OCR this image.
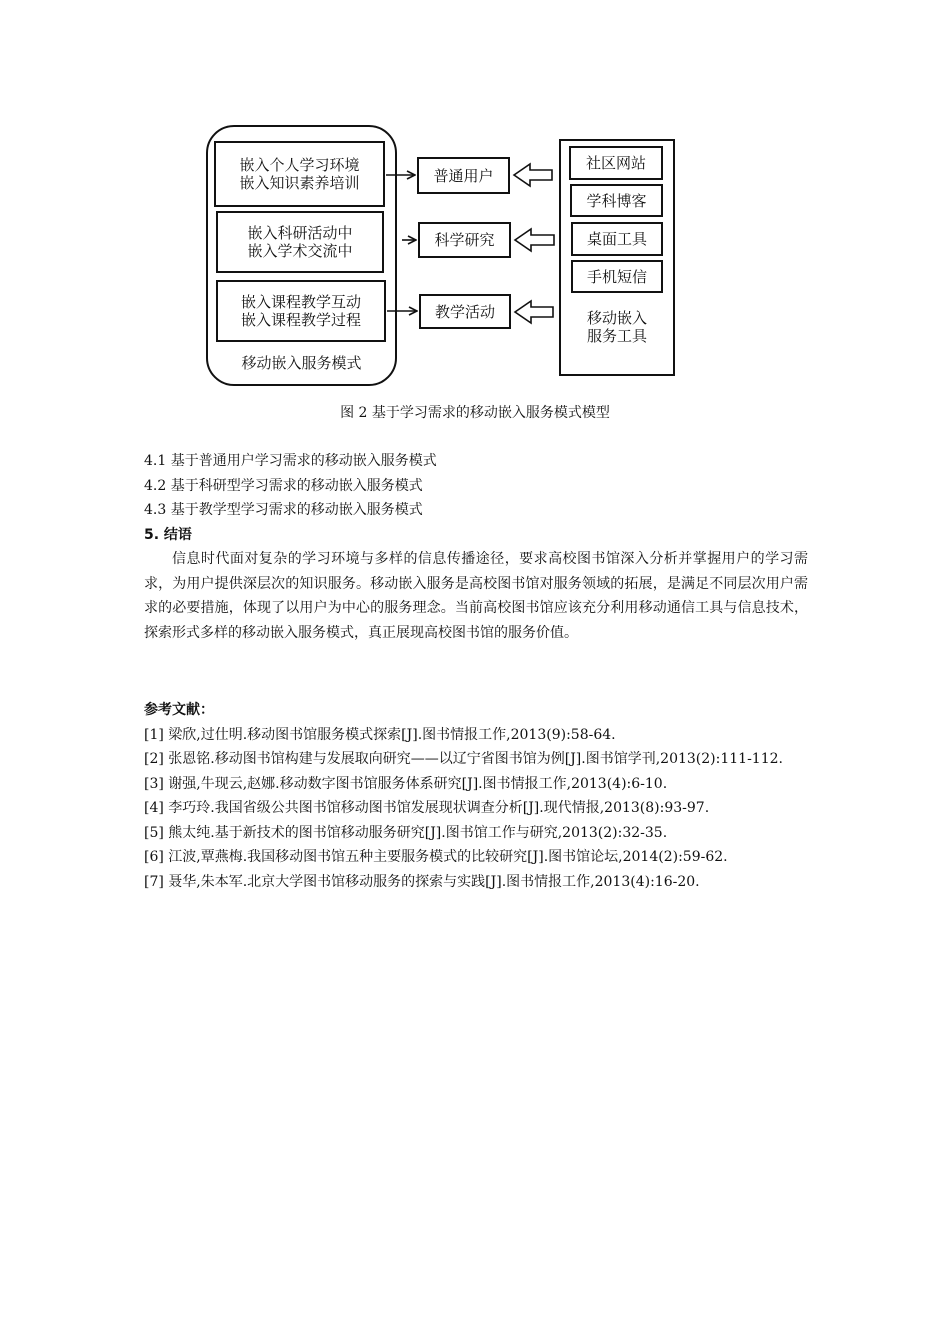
嵌入个人学习环境
嵌入知识素养培训
嵌入科研活动中
嵌入学术交流中
嵌入课程教学互动
嵌入课程教学过程
移动嵌入服务模式
普通用户
科学研究
教学活动
社区网站
学科博客
桌面工具
手机短信
移动嵌入
服务工具
图 2 基于学习需求的移动嵌入服务模式模型
4.1 基于普通用户学习需求的移动嵌入服务模式
4.2 基于科研型学习需求的移动嵌入服务模式
4.3 基于教学型学习需求的移动嵌入服务模式
5. 结语

信息时代面对复杂的学习环境与多样的信息传播途径，要求高校图书馆深入分析并掌握用户的学习需求，为用户提供深层次的知识服务。移动嵌入服务是高校图书馆对服务领域的拓展，是满足不同层次用户需求的必要措施，体现了以用户为中心的服务理念。当前高校图书馆应该充分利用移动通信工具与信息技术，探索形式多样的移动嵌入服务模式，真正展现高校图书馆的服务价值。

参考文献：

[1] 梁欣,过仕明.移动图书馆服务模式探索[J].图书情报工作,2013(9):58-64.

[2] 张恩铭.移动图书馆构建与发展取向研究——以辽宁省图书馆为例[J].图书馆学刊,2013(2):111-112.

[3] 谢强,牛现云,赵娜.移动数字图书馆服务体系研究[J].图书情报工作,2013(4):6-10.

[4] 李巧玲.我国省级公共图书馆移动图书馆发展现状调查分析[J].现代情报,2013(8):93-97.

[5] 熊太纯.基于新技术的图书馆移动服务研究[J].图书馆工作与研究,2013(2):32-35.

[6] 江波,覃燕梅.我国移动图书馆五种主要服务模式的比较研究[J].图书馆论坛,2014(2):59-62.

[7] 聂华,朱本军.北京大学图书馆移动服务的探索与实践[J].图书情报工作,2013(4):16-20.
